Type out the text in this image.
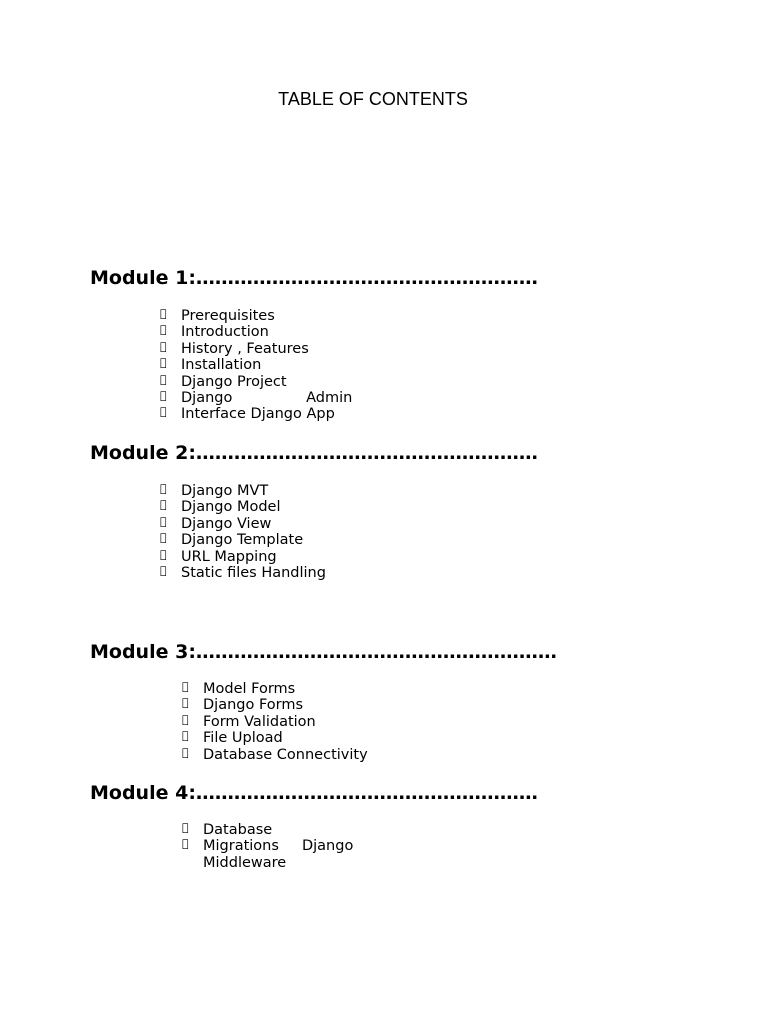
TABLE OF CONTENTS
Module 1:………………………………………………
Prerequisites
Introduction
History , Features
Installation
Django Project
Django                Admin
Interface Django App
Module 2:………………………………………………
Django MVT
Django Model
Django View
Django Template
URL Mapping
Static files Handling
Module 3:…………………………………………………
Model Forms
Django Forms
Form Validation
File Upload
Database Connectivity
Module 4:………………………………………………
Database
Migrations     Django
Middleware
